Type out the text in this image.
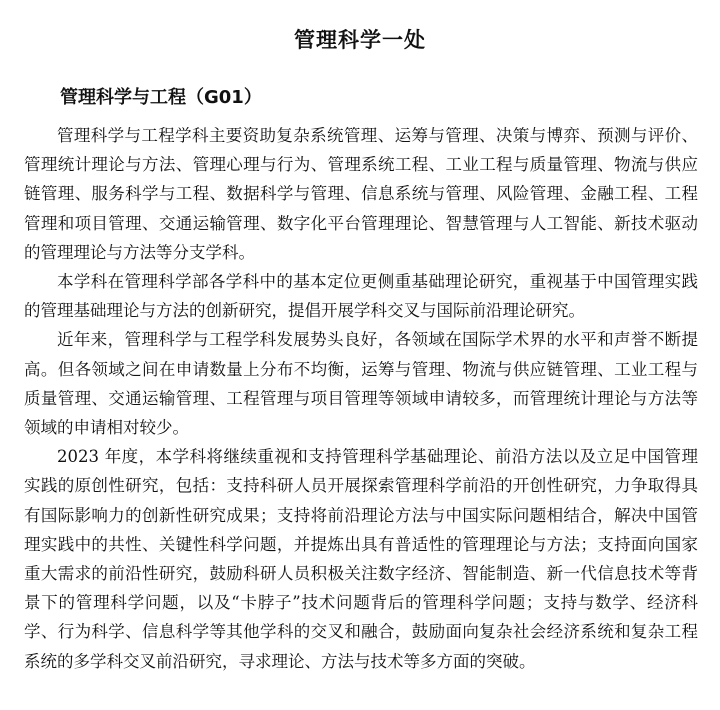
管理科学一处
管理科学与工程（G01）

管理科学与工程学科主要资助复杂系统管理、运筹与管理、决策与博弈、预测与评价、管理统计理论与方法、管理心理与行为、管理系统工程、工业工程与质量管理、物流与供应链管理、服务科学与工程、数据科学与管理、信息系统与管理、风险管理、金融工程、工程管理和项目管理、交通运输管理、数字化平台管理理论、智慧管理与人工智能、新技术驱动的管理理论与方法等分支学科。

本学科在管理科学部各学科中的基本定位更侧重基础理论研究，重视基于中国管理实践的管理基础理论与方法的创新研究，提倡开展学科交叉与国际前沿理论研究。

近年来，管理科学与工程学科发展势头良好，各领域在国际学术界的水平和声誉不断提高。但各领域之间在申请数量上分布不均衡，运筹与管理、物流与供应链管理、工业工程与质量管理、交通运输管理、工程管理与项目管理等领域申请较多，而管理统计理论与方法等领域的申请相对较少。

2023 年度，本学科将继续重视和支持管理科学基础理论、前沿方法以及立足中国管理实践的原创性研究，包括：支持科研人员开展探索管理科学前沿的开创性研究，力争取得具有国际影响力的创新性研究成果；支持将前沿理论方法与中国实际问题相结合，解决中国管理实践中的共性、关键性科学问题，并提炼出具有普适性的管理理论与方法；支持面向国家重大需求的前沿性研究，鼓励科研人员积极关注数字经济、智能制造、新一代信息技术等背景下的管理科学问题，以及“卡脖子”技术问题背后的管理科学问题；支持与数学、经济科学、行为科学、信息科学等其他学科的交叉和融合，鼓励面向复杂社会经济系统和复杂工程系统的多学科交叉前沿研究，寻求理论、方法与技术等多方面的突破。
